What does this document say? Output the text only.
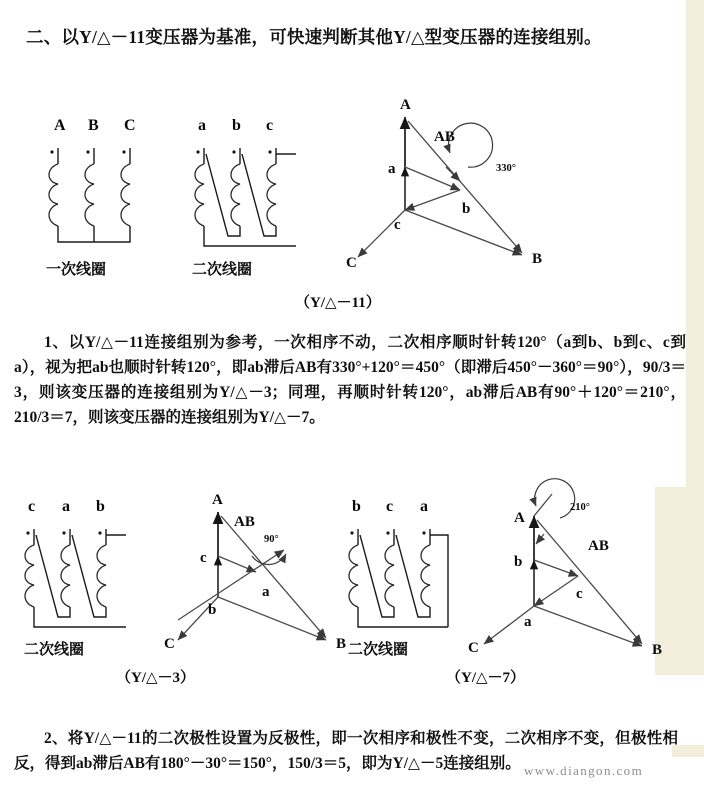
二、以Y/△－11变压器为基准，可快速判断其他Y/△型变压器的连接组别。
A B C
一次线圈
a b c
二次线圈
A
B
C
a
b
c
AB
330°
（Y/△－11）
1、以Y/△－11连接组别为参考，一次相序不动，二次相序顺时针转120°（a到b、b到c、c到a），视为把ab也顺时针转120°，即ab滞后AB有330°+120°＝450°（即滞后450°－360°＝90°），90/3＝3，则该变压器的连接组别为Y/△－3；同理，再顺时针转120°，ab滞后AB有90°＋120°＝210°，210/3＝7，则该变压器的连接组别为Y/△－7。
c a b
二次线圈
A
B
C
c
a
b
AB
90°
（Y/△－3）
b c a
二次线圈
A
B
C
b
c
a
AB
210°
（Y/△－7）
2、将Y/△－11的二次极性设置为反极性，即一次相序和极性不变，二次相序不变，但极性相反，得到ab滞后AB有180°－30°＝150°，150/3＝5，即为Y/△－5连接组别。 www.diangon.com
